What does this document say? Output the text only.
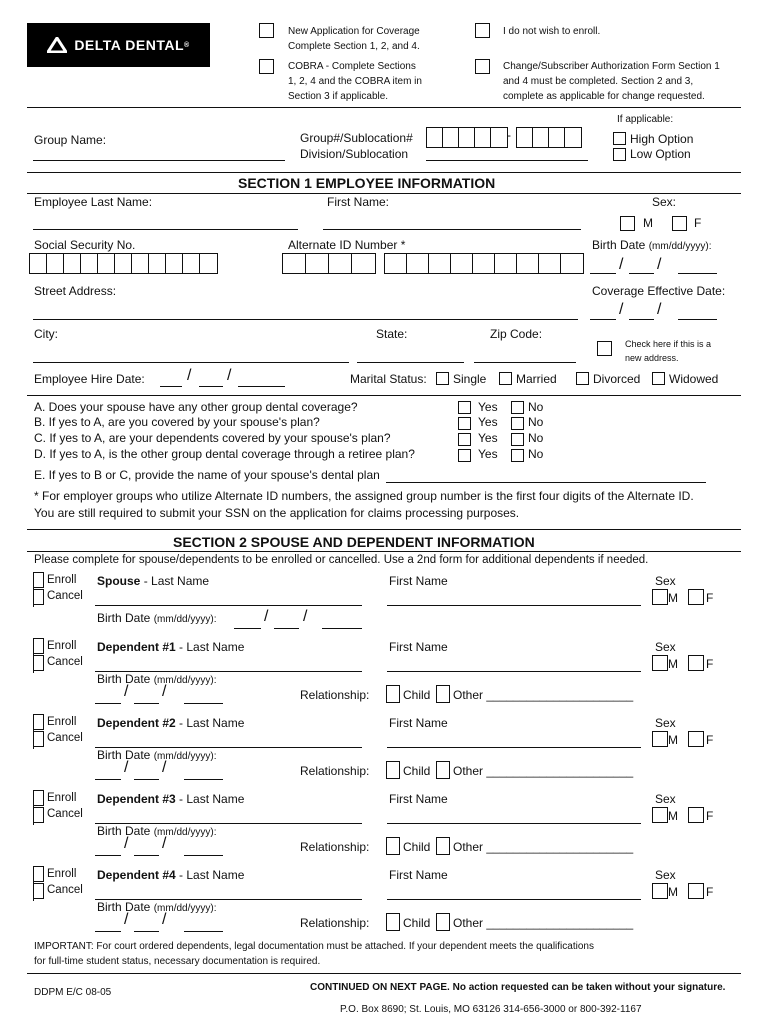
DELTA DENTAL ®
New Application for Coverage
Complete Section 1, 2, and 4.
COBRA - Complete Sections
1, 2, 4 and the COBRA item in
Section 3 if applicable.
I do not wish to enroll.
Change/Subscriber Authorization Form Section 1
and 4 must be completed. Section 2 and 3,
complete as applicable for change requested.
If applicable:
Group Name:	Group#/Sublocation#
Division/Sublocation
-	High Option
Low Option
SECTION 1 EMPLOYEE INFORMATION
Employee Last Name:	First Name:	Sex:
M	F
Social Security No.	Alternate ID Number *	Birth Date (mm/dd/yyyy):
/ /
Street Address:	Coverage Effective Date:
/ /
City:	State:	Zip Code:
Check here if this is a
new address.
Employee Hire Date:	/ /	Marital Status: Single Married	Divorced Widowed
A. Does your spouse have any other group dental coverage?	Yes	No
B. If yes to A, are you covered by your spouse's plan?	Yes	No
C. If yes to A, are your dependents covered by your spouse's plan?	Yes	No
D. If yes to A, is the other group dental coverage through a retiree plan?	Yes	No
E. If yes to B or C, provide the name of your spouse's dental plan
* For employer groups who utilize Alternate ID numbers, the assigned group number is the first four digits of the Alternate ID.
You are still required to submit your SSN on the application for claims processing purposes.
SECTION 2 SPOUSE AND DEPENDENT INFORMATION
Please complete for spouse/dependents to be enrolled or cancelled. Use a 2nd form for additional dependents if needed.
Enroll
Cancel
Spouse - Last Name	First Name	Sex
M F
Birth Date (mm/dd/yyyy):	/ /
Enroll
Cancel
Dependent #1 - Last Name	First Name	Sex
M F
Birth Date (mm/dd/yyyy):
/ /	Relationship:	Child Other ______________________
Enroll
Cancel
Dependent #2 - Last Name	First Name	Sex
M F
Birth Date (mm/dd/yyyy):
/ /	Relationship:	Child Other ______________________
Enroll
Cancel
Dependent #3 - Last Name	First Name	Sex
M F
Birth Date (mm/dd/yyyy):
/ /	Relationship:	Child Other ______________________
Enroll
Cancel
Dependent #4 - Last Name	First Name	Sex
M F
Birth Date (mm/dd/yyyy):
/ /	Relationship:	Child Other ______________________
IMPORTANT: For court ordered dependents, legal documentation must be attached. If your dependent meets the qualifications
for full-time student status, necessary documentation is required.
DDPM E/C 08-05	CONTINUED ON NEXT PAGE. No action requested can be taken without your signature.
P.O. Box 8690; St. Louis, MO 63126 314-656-3000 or 800-392-1167
